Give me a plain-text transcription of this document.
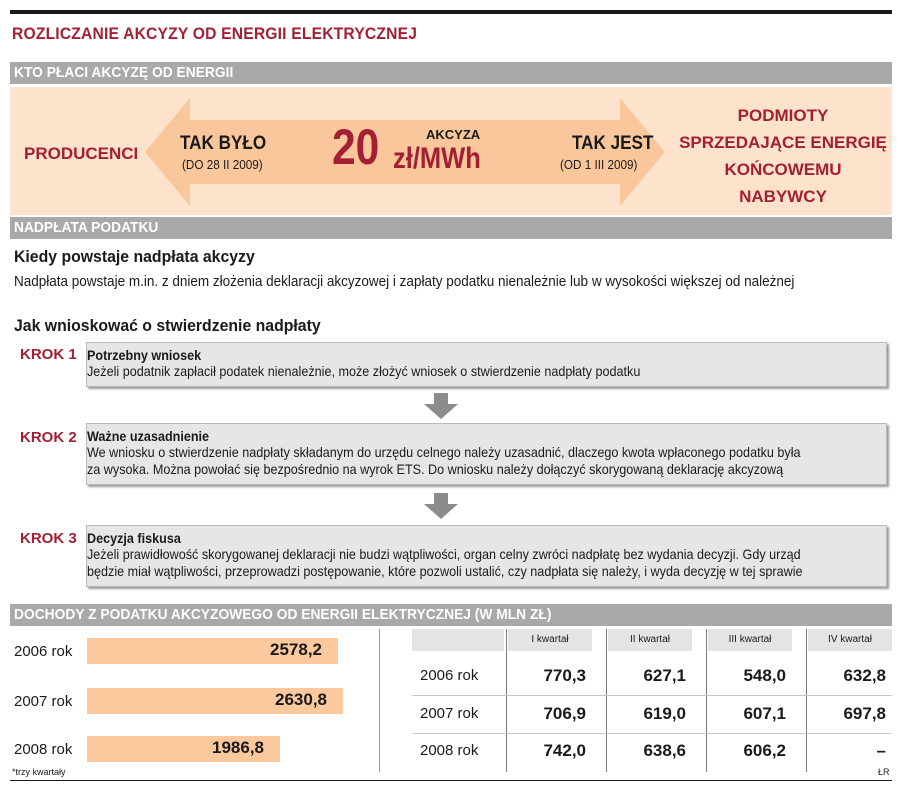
ROZLICZANIE AKCYZY OD ENERGII ELEKTRYCZNEJ
KTO PŁACI AKCYZĘ OD ENERGII
PRODUCENCI TAK BYŁO
(DO 28 II 2009) 20	AKCYZA
zł/MWh	TAK JEST
(OD 1 III 2009)
PODMIOTY
SPRZEDAJĄCE ENERGIĘ
KOŃCOWEMU
NABYWCY
NADPŁATA PODATKU
Kiedy powstaje nadpłata akcyzy
Nadpłata powstaje m.in. z dniem złożenia deklaracji akcyzowej i zapłaty podatku nienależnie lub w wysokości większej od należnej
Jak wnioskować o stwierdzenie nadpłaty
KROK 1 Potrzebny wniosek
Jeżeli podatnik zapłacił podatek nienależnie, może złożyć wniosek o stwierdzenie nadpłaty podatku
KROK 2 Ważne uzasadnienie
We wniosku o stwierdzenie nadpłaty składanym do urzędu celnego należy uzasadnić, dlaczego kwota wpłaconego podatku była
za wysoka. Można powołać się bezpośrednio na wyrok ETS. Do wniosku należy dołączyć skorygowaną deklarację akcyzową
KROK 3 Decyzja fiskusa
Jeżeli prawidłowość skorygowanej deklaracji nie budzi wątpliwości, organ celny zwróci nadpłatę bez wydania decyzji. Gdy urząd
będzie miał wątpliwości, przeprowadzi postępowanie, które pozwoli ustalić, czy nadpłata się należy, i wyda decyzję w tej sprawie
DOCHODY Z PODATKU AKCYZOWEGO OD ENERGII ELEKTRYCZNEJ (W MLN ZŁ)
2006 rok	2578,2
2007 rok	2630,8
2008 rok	1986,8
I kwartał	II kwartał	III kwartał	IV kwartał
2006 rok	770,3	627,1	548,0	632,8
2007 rok	706,9	619,0	607,1	697,8
2008 rok	742,0	638,6	606,2	–
*trzy kwartały	ŁR
